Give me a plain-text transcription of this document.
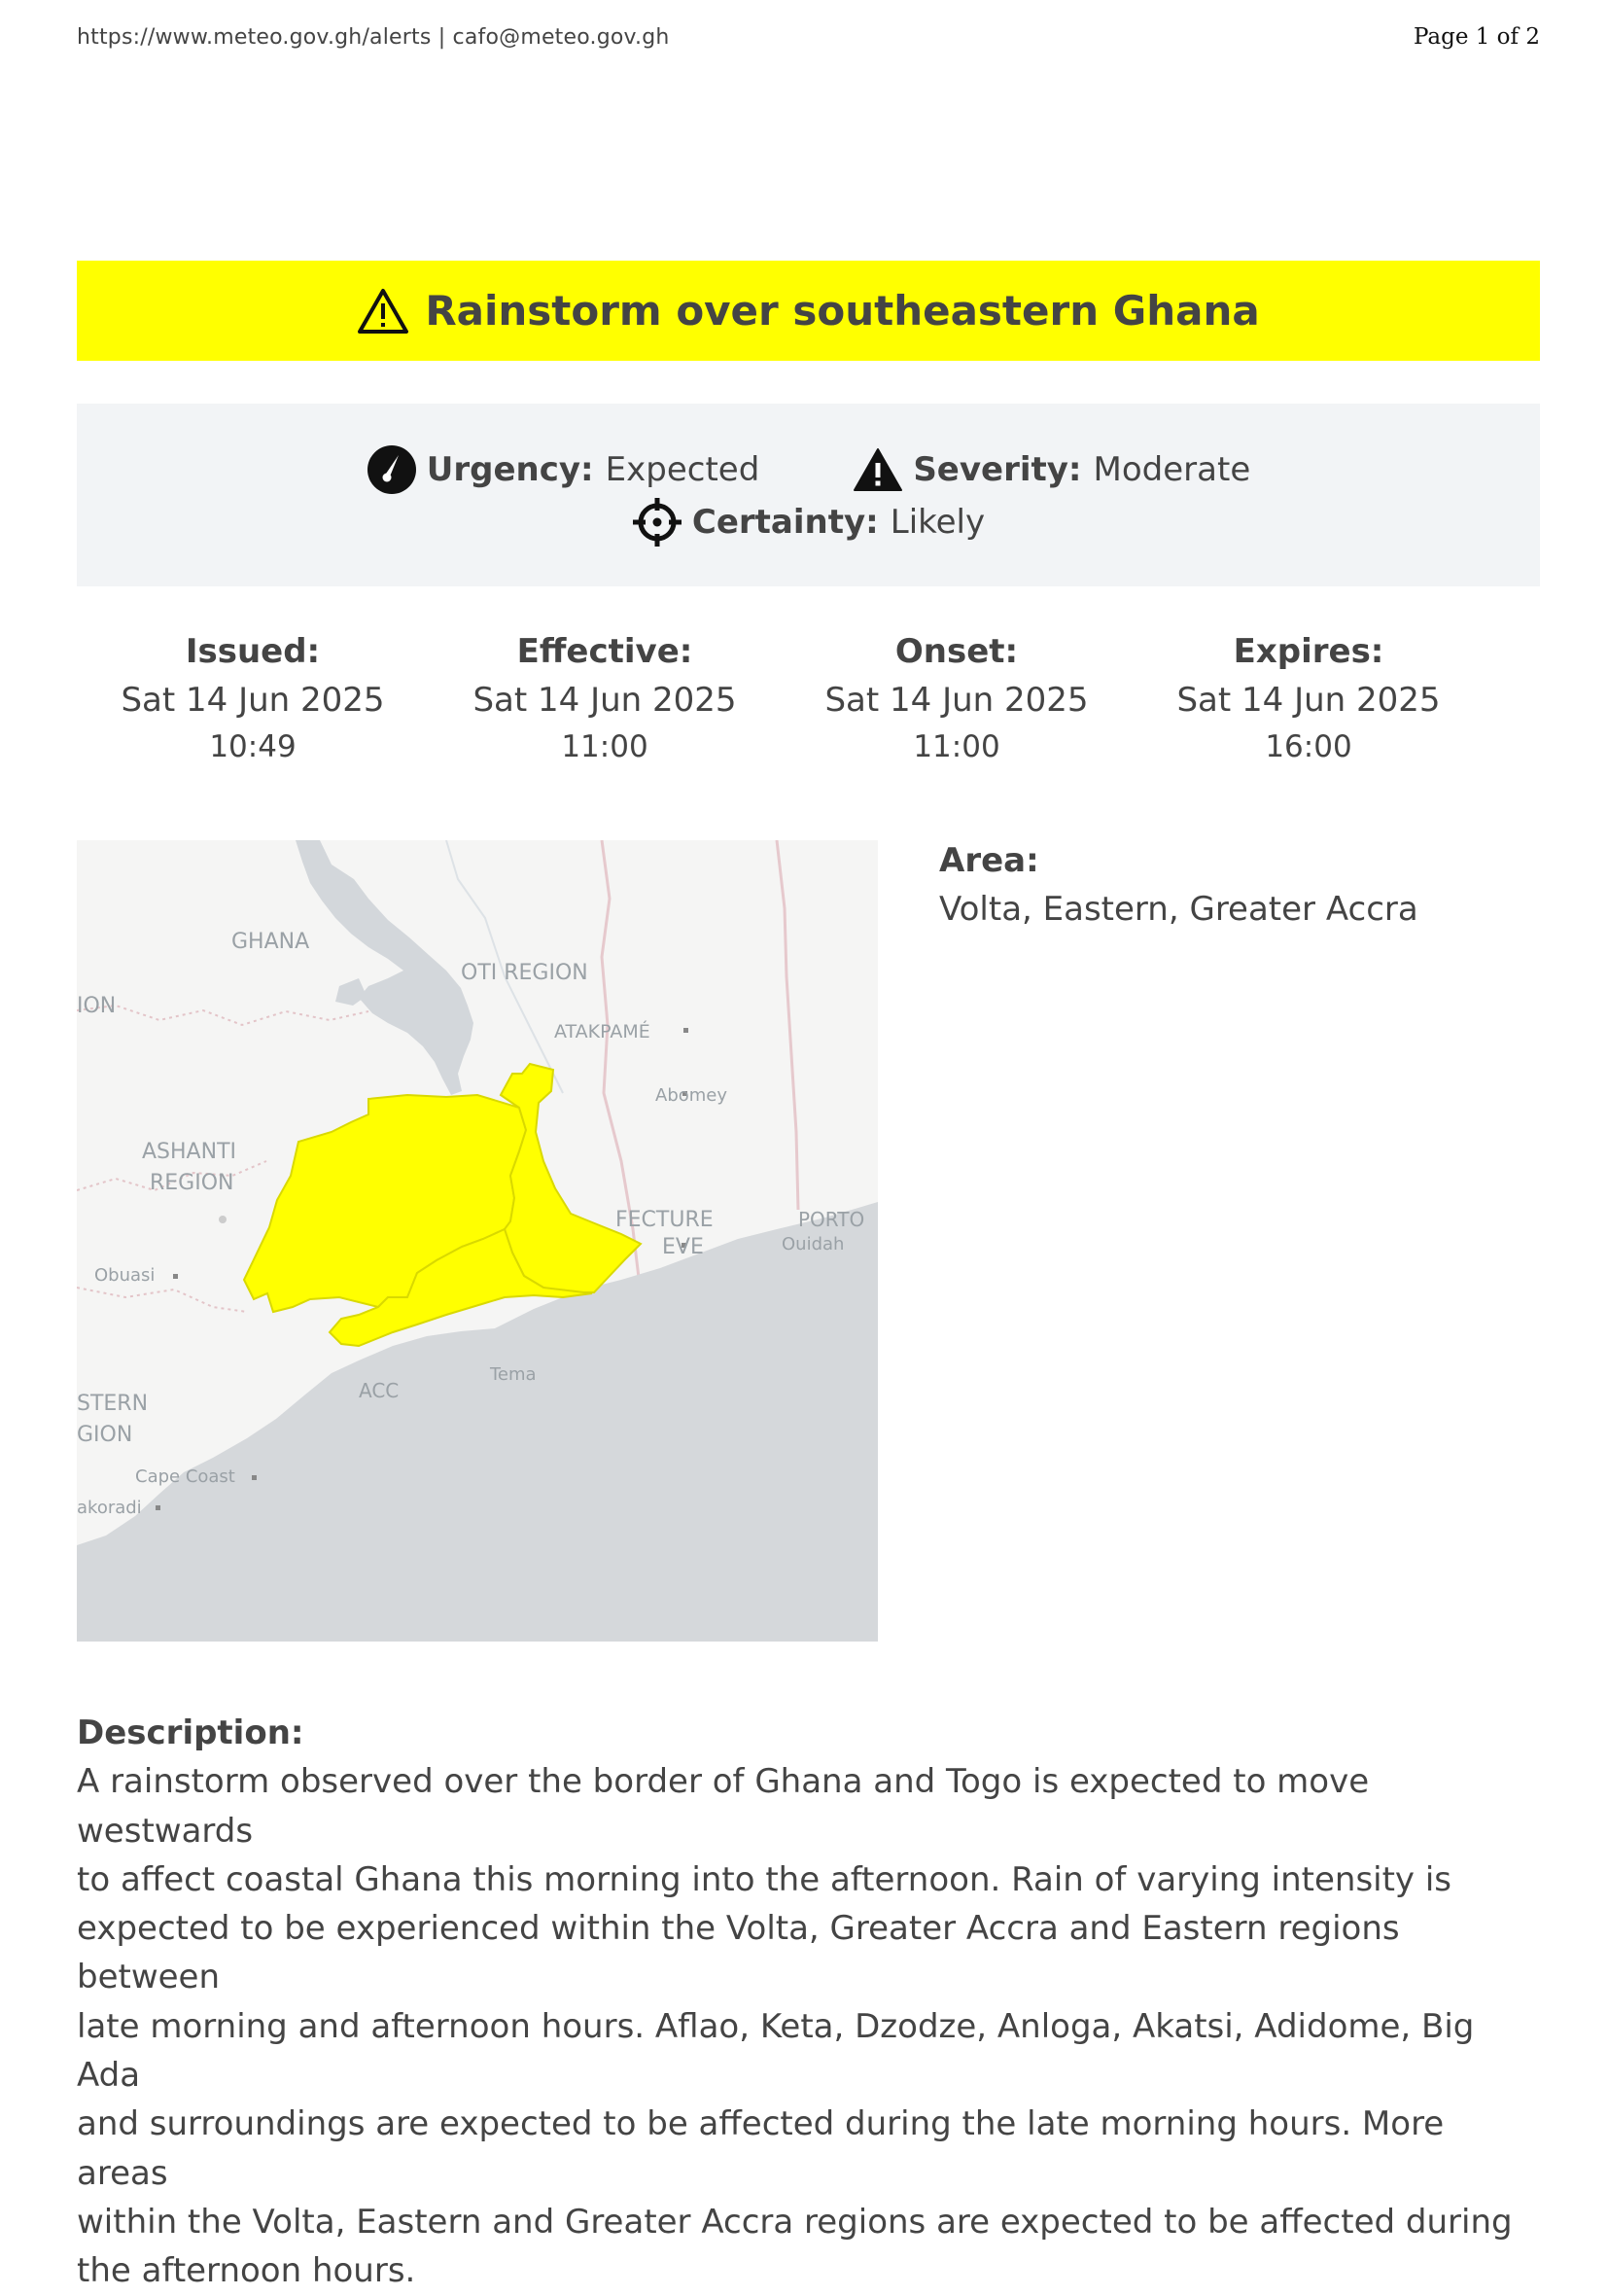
https://www.meteo.gov.gh/alerts | cafo@meteo.gov.gh	Page 1 of 2
Rainstorm over southeastern Ghana
Urgency: Expected	Severity: Moderate
Certainty: Likely
Issued:
Sat 14 Jun 2025
10:49
Effective:
Sat 14 Jun 2025
11:00
Onset:
Sat 14 Jun 2025
11:00
Expires:
Sat 14 Jun 2025
16:00
GHANA
OTI REGION
ION
ATAKPAMÉ
Abomey
ASHANTI
REGION
FECTURE
EVE
PORTO
Ouidah
Obuasi
ACC
Tema
STERN
GION
Cape Coast
akoradi
Area:
Volta, Eastern, Greater Accra
Description:
A rainstorm observed over the border of Ghana and Togo is expected to move westwards
to affect coastal Ghana this morning into the afternoon. Rain of varying intensity is
expected to be experienced within the Volta, Greater Accra and Eastern regions between
late morning and afternoon hours. Aflao, Keta, Dzodze, Anloga, Akatsi, Adidome, Big Ada
and surroundings are expected to be affected during the late morning hours. More areas
within the Volta, Eastern and Greater Accra regions are expected to be affected during
the afternoon hours.
